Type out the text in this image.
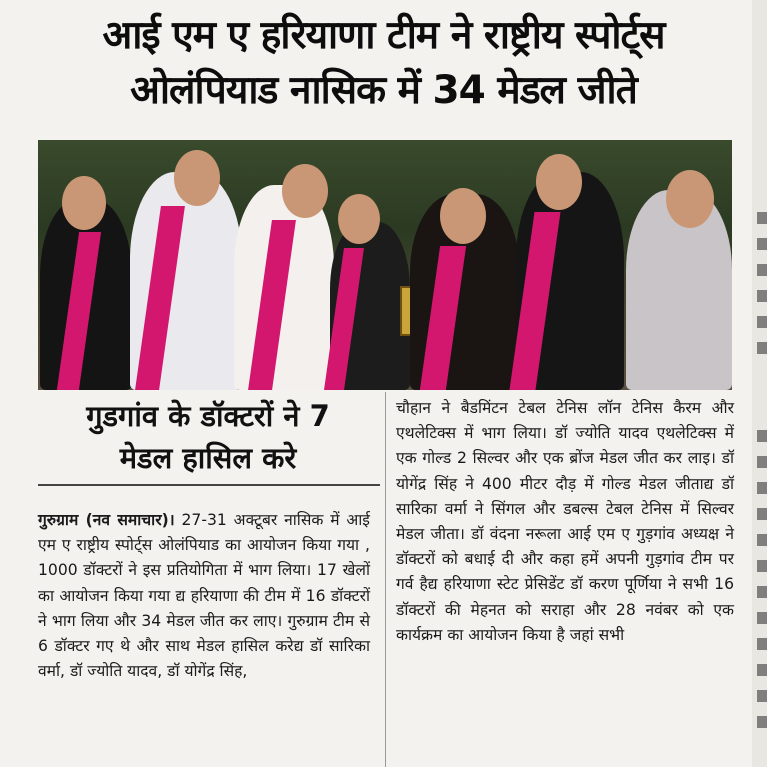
आई एम ए हरियाणा टीम ने राष्ट्रीय स्पोर्ट्स
ओलंपियाड नासिक में 34 मेडल जीते
गुडगांव के डॉक्टरों ने 7
मेडल हासिल करे

गुरुग्राम (नव समाचार)। 27-31 अक्टूबर नासिक में आई एम ए राष्ट्रीय स्पोर्ट्स ओलंपियाड का आयोजन किया गया , 1000 डॉक्टरों ने इस प्रतियोगिता में भाग लिया। 17 खेलों का आयोजन किया गया द्य हरियाणा की टीम में 16 डॉक्टरों ने भाग लिया और 34 मेडल जीत कर लाए। गुरुग्राम टीम से 6 डॉक्टर गए थे और साथ मेडल हासिल करेद्य डॉ सारिका वर्मा, डॉ ज्योति यादव, डॉ योगेंद्र सिंह,

चौहान ने बैडमिंटन टेबल टेनिस लॉन टेनिस कैरम और एथलेटिक्स में भाग लिया। डॉ ज्योति यादव एथलेटिक्स में एक गोल्ड 2 सिल्वर और एक ब्रोंज मेडल जीत कर लाइ। डॉ योगेंद्र सिंह ने 400 मीटर दौड़ में गोल्ड मेडल जीताद्य डॉ सारिका वर्मा ने सिंगल और डबल्स टेबल टेनिस में सिल्वर मेडल जीता। डॉ वंदना नरूला आई एम ए गुड़गांव अध्यक्ष ने डॉक्टरों को बधाई दी और कहा हमें अपनी गुड़गांव टीम पर गर्व हैद्य हरियाणा स्टेट प्रेसिडेंट डॉ करण पूर्णिया ने सभी 16 डॉक्टरों की मेहनत को सराहा और 28 नवंबर को एक कार्यक्रम का आयोजन किया है जहां सभी
